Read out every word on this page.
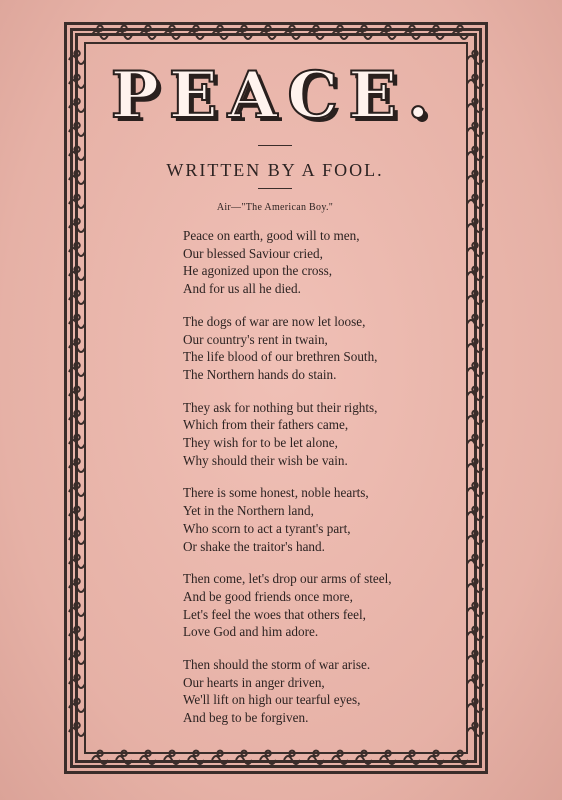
PEACE.
WRITTEN BY A FOOL.
Air—"The American Boy."
Peace on earth, good will to men,
Our blessed Saviour cried,
He agonized upon the cross,
And for us all he died.
The dogs of war are now let loose,
Our country's rent in twain,
The life blood of our brethren South,
The Northern hands do stain.
They ask for nothing but their rights,
Which from their fathers came,
They wish for to be let alone,
Why should their wish be vain.
There is some honest, noble hearts,
Yet in the Northern land,
Who scorn to act a tyrant's part,
Or shake the traitor's hand.
Then come, let's drop our arms of steel,
And be good friends once more,
Let's feel the woes that others feel,
Love God and him adore.
Then should the storm of war arise.
Our hearts in anger driven,
We'll lift on high our tearful eyes,
And beg to be forgiven.
